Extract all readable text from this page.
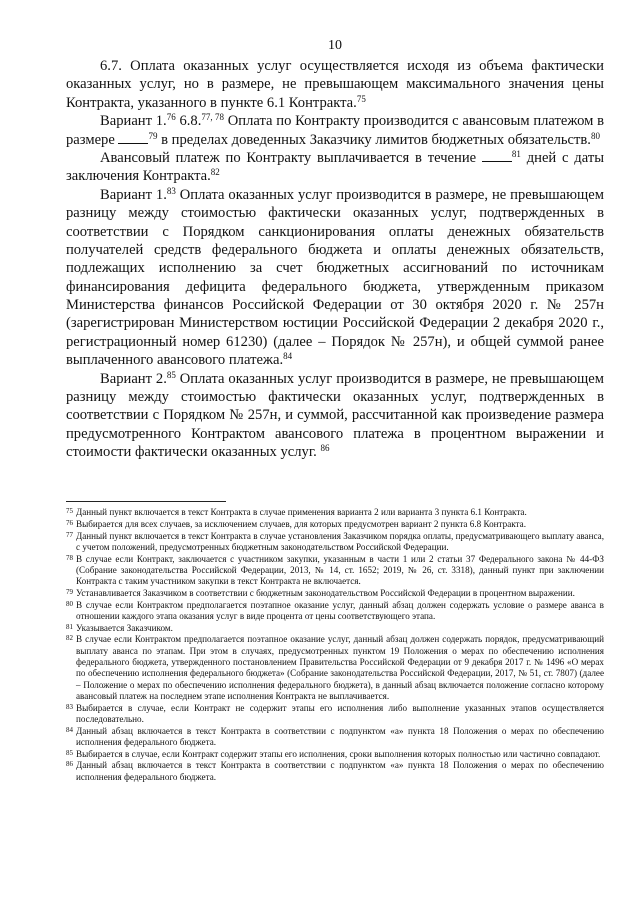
10

6.7. Оплата оказанных услуг осуществляется исходя из объема фактически оказанных услуг, но в размере, не превышающем максимального значения цены Контракта, указанного в пункте 6.1 Контракта.$^{75}$

Вариант 1.76 6.8.$^{77, 78}$ Оплата по Контракту производится с авансовым платежом в размере	$^{79}$ в пределах доведенных Заказчику лимитов бюджетных обязательств.$^{80}$

Авансовый платеж по Контракту выплачивается в течение	$^{81}$ дней с даты заключения Контракта.$^{82}$

Вариант 1.83 Оплата оказанных услуг производится в размере, не превышающем разницу между стоимостью фактически оказанных услуг, подтвержденных в соответствии с Порядком санкционирования оплаты денежных обязательств получателей средств федерального бюджета и оплаты денежных обязательств, подлежащих исполнению за счет бюджетных ассигнований по источникам финансирования дефицита федерального бюджета, утвержденным приказом Министерства финансов Российской Федерации от 30 октября 2020 г. № 257н (зарегистрирован Министерством юстиции Российской Федерации 2 декабря 2020 г., регистрационный номер 61230) (далее – Порядок № 257н), и общей суммой ранее выплаченного авансового платежа.$^{84}$

Вариант 2.85 Оплата оказанных услуг производится в размере, не превышающем разницу между стоимостью фактически оказанных услуг, подтвержденных в соответствии с Порядком № 257н, и суммой, рассчитанной как произведение размера предусмотренного Контрактом авансового платежа в процентном выражении и стоимости фактически оказанных услуг. $^{86}$

75 Данный пункт включается в текст Контракта в случае применения варианта 2 или варианта 3 пункта 6.1 Контракта.
76 Выбирается для всех случаев, за исключением случаев, для которых предусмотрен вариант 2 пункта 6.8 Контракта.
77 Данный пункт включается в текст Контракта в случае установления Заказчиком порядка оплаты, предусматривающего выплату аванса, с учетом положений, предусмотренных бюджетным законодательством Российской Федерации.
78 В случае если Контракт, заключается с участником закупки, указанным в части 1 или 2 статьи 37 Федерального закона № 44-ФЗ (Собрание законодательства Российской Федерации, 2013, № 14, ст. 1652; 2019, № 26, ст. 3318), данный пункт при заключении Контракта с таким участником закупки в текст Контракта не включается.
79 Устанавливается Заказчиком в соответствии с бюджетным законодательством Российской Федерации в процентном выражении.
80 В случае если Контрактом предполагается поэтапное оказание услуг, данный абзац должен содержать условие о размере аванса в отношении каждого этапа оказания услуг в виде процента от цены соответствующего этапа.
81 Указывается Заказчиком.
82 В случае если Контрактом предполагается поэтапное оказание услуг, данный абзац должен содержать порядок, предусматривающий выплату аванса по этапам. При этом в случаях, предусмотренных пунктом 19 Положения о мерах по обеспечению исполнения федерального бюджета, утвержденного постановлением Правительства Российской Федерации от 9 декабря 2017 г. № 1496 «О мерах по обеспечению исполнения федерального бюджета» (Собрание законодательства Российской Федерации, 2017, № 51, ст. 7807) (далее – Положение о мерах по обеспечению исполнения федерального бюджета), в данный абзац включается положение согласно которому авансовый платеж на последнем этапе исполнения Контракта не выплачивается.
83 Выбирается в случае, если Контракт не содержит этапы его исполнения либо выполнение указанных этапов осуществляется последовательно.
84 Данный абзац включается в текст Контракта в соответствии с подпунктом «а» пункта 18 Положения о мерах по обеспечению исполнения федерального бюджета.
85 Выбирается в случае, если Контракт содержит этапы его исполнения, сроки выполнения которых полностью или частично совпадают.
86 Данный абзац включается в текст Контракта в соответствии с подпунктом «а» пункта 18 Положения о мерах по обеспечению исполнения федерального бюджета.
